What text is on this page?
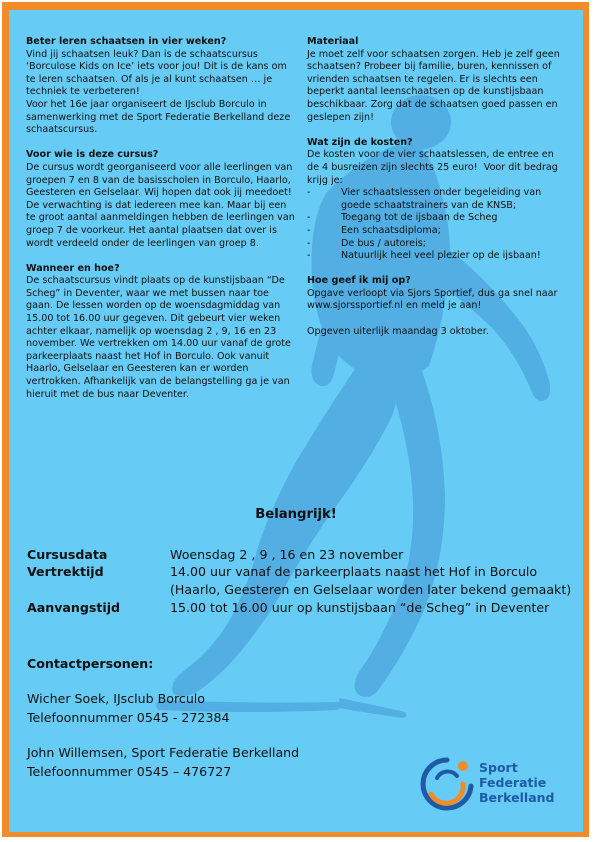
Beter leren schaatsen in vier weken?

Vind jij schaatsen leuk? Dan is de schaatscursus ‘Borculose Kids on Ice’ iets voor jou! Dit is de kans om te leren schaatsen. Of als je al kunt schaatsen … je techniek te verbeteren!
Voor het 16e jaar organiseert de IJsclub Borculo in samenwerking met de Sport Federatie Berkelland deze schaatscursus.

Voor wie is deze cursus?

De cursus wordt georganiseerd voor alle leerlingen van groepen 7 en 8 van de basisscholen in Borculo, Haarlo, Geesteren en Gelselaar. Wij hopen dat ook jij meedoet! De verwachting is dat iedereen mee kan. Maar bij een te groot aantal aanmeldingen hebben de leerlingen van groep 7 de voorkeur. Het aantal plaatsen dat over is wordt verdeeld onder de leerlingen van groep 8.

Wanneer en hoe?

De schaatscursus vindt plaats op de kunstijsbaan “De Scheg” in Deventer, waar we met bussen naar toe gaan. De lessen worden op de woensdagmiddag van 15.00 tot 16.00 uur gegeven. Dit gebeurt vier weken achter elkaar, namelijk op woensdag 2 , 9, 16 en 23 november. We vertrekken om 14.00 uur vanaf de grote parkeerplaats naast het Hof in Borculo. Ook vanuit Haarlo, Gelselaar en Geesteren kan er worden vertrokken. Afhankelijk van de belangstelling ga je van hieruit met de bus naar Deventer.

Materiaal

Je moet zelf voor schaatsen zorgen. Heb je zelf geen schaatsen? Probeer bij familie, buren, kennissen of vrienden schaatsen te regelen. Er is slechts een beperkt aantal leenschaatsen op de kunstijsbaan beschikbaar. Zorg dat de schaatsen goed passen en geslepen zijn!

Wat zijn de kosten?

De kosten voor de vier schaatslessen, de entree en de 4 busreizen zijn slechts 25 euro!  Voor dit bedrag krijg je:

-	Vier schaatslessen onder begeleiding van goede schaatstrainers van de KNSB;
-	Toegang tot de ijsbaan de Scheg
-	Een schaatsdiploma;
-	De bus / autoreis;
-	Natuurlijk heel veel plezier op de ijsbaan!
Hoe geef ik mij op?

Opgave verloopt via Sjors Sportief, dus ga snel naar www.sjorssportief.nl en meld je aan!

Opgeven uiterlijk maandag 3 oktober.

Belangrijk!
Cursusdata	Woensdag 2 , 9 , 16 en 23 november
Vertrektijd	14.00 uur vanaf de parkeerplaats naast het Hof in Borculo
(Haarlo, Geesteren en Gelselaar worden later bekend gemaakt)
Aanvangstijd	15.00 tot 16.00 uur op kunstijsbaan “de Scheg” in Deventer
Contactpersonen:
Wicher Soek, IJsclub Borculo
Telefoonnummer 0545 - 272384
John Willemsen, Sport Federatie Berkelland
Telefoonnummer 0545 – 476727	Sport
Federatie
Berkelland
